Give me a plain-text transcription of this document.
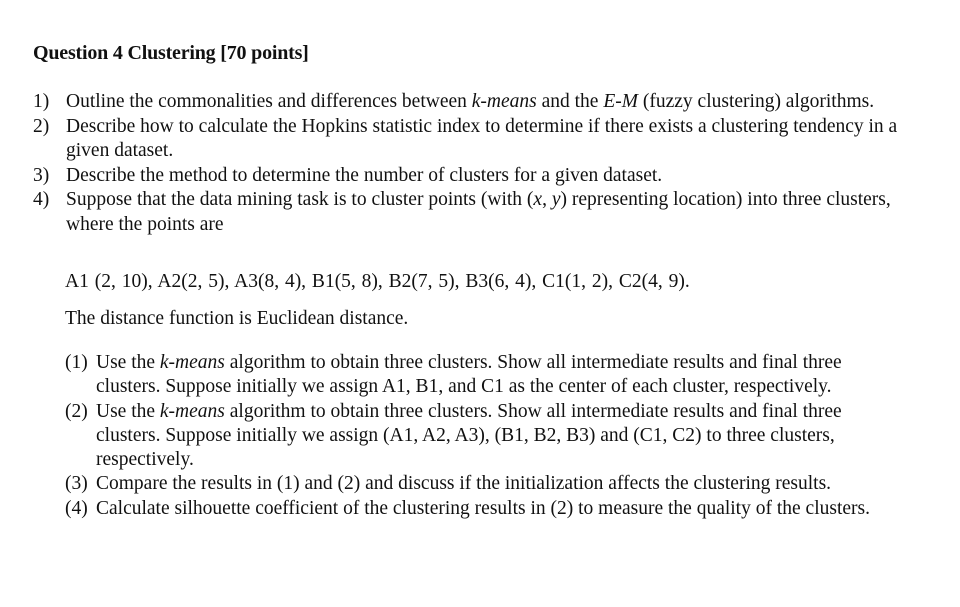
Question 4 Clustering [70 points]
1) Outline the commonalities and differences between k-means and the E-M (fuzzy clustering) algorithms.
2) Describe how to calculate the Hopkins statistic index to determine if there exists a clustering tendency in a given dataset.
3) Describe the method to determine the number of clusters for a given dataset.
4) Suppose that the data mining task is to cluster points (with (x, y) representing location) into three clusters, where the points are
A1 (2, 10), A2(2, 5), A3(8, 4), B1(5, 8), B2(7, 5), B3(6, 4), C1(1, 2), C2(4, 9).
The distance function is Euclidean distance.
(1) Use the k-means algorithm to obtain three clusters. Show all intermediate results and final three clusters. Suppose initially we assign A1, B1, and C1 as the center of each cluster, respectively.
(2) Use the k-means algorithm to obtain three clusters. Show all intermediate results and final three clusters. Suppose initially we assign (A1, A2, A3), (B1, B2, B3) and (C1, C2) to three clusters, respectively.
(3) Compare the results in (1) and (2) and discuss if the initialization affects the clustering results.
(4) Calculate silhouette coefficient of the clustering results in (2) to measure the quality of the clusters.
